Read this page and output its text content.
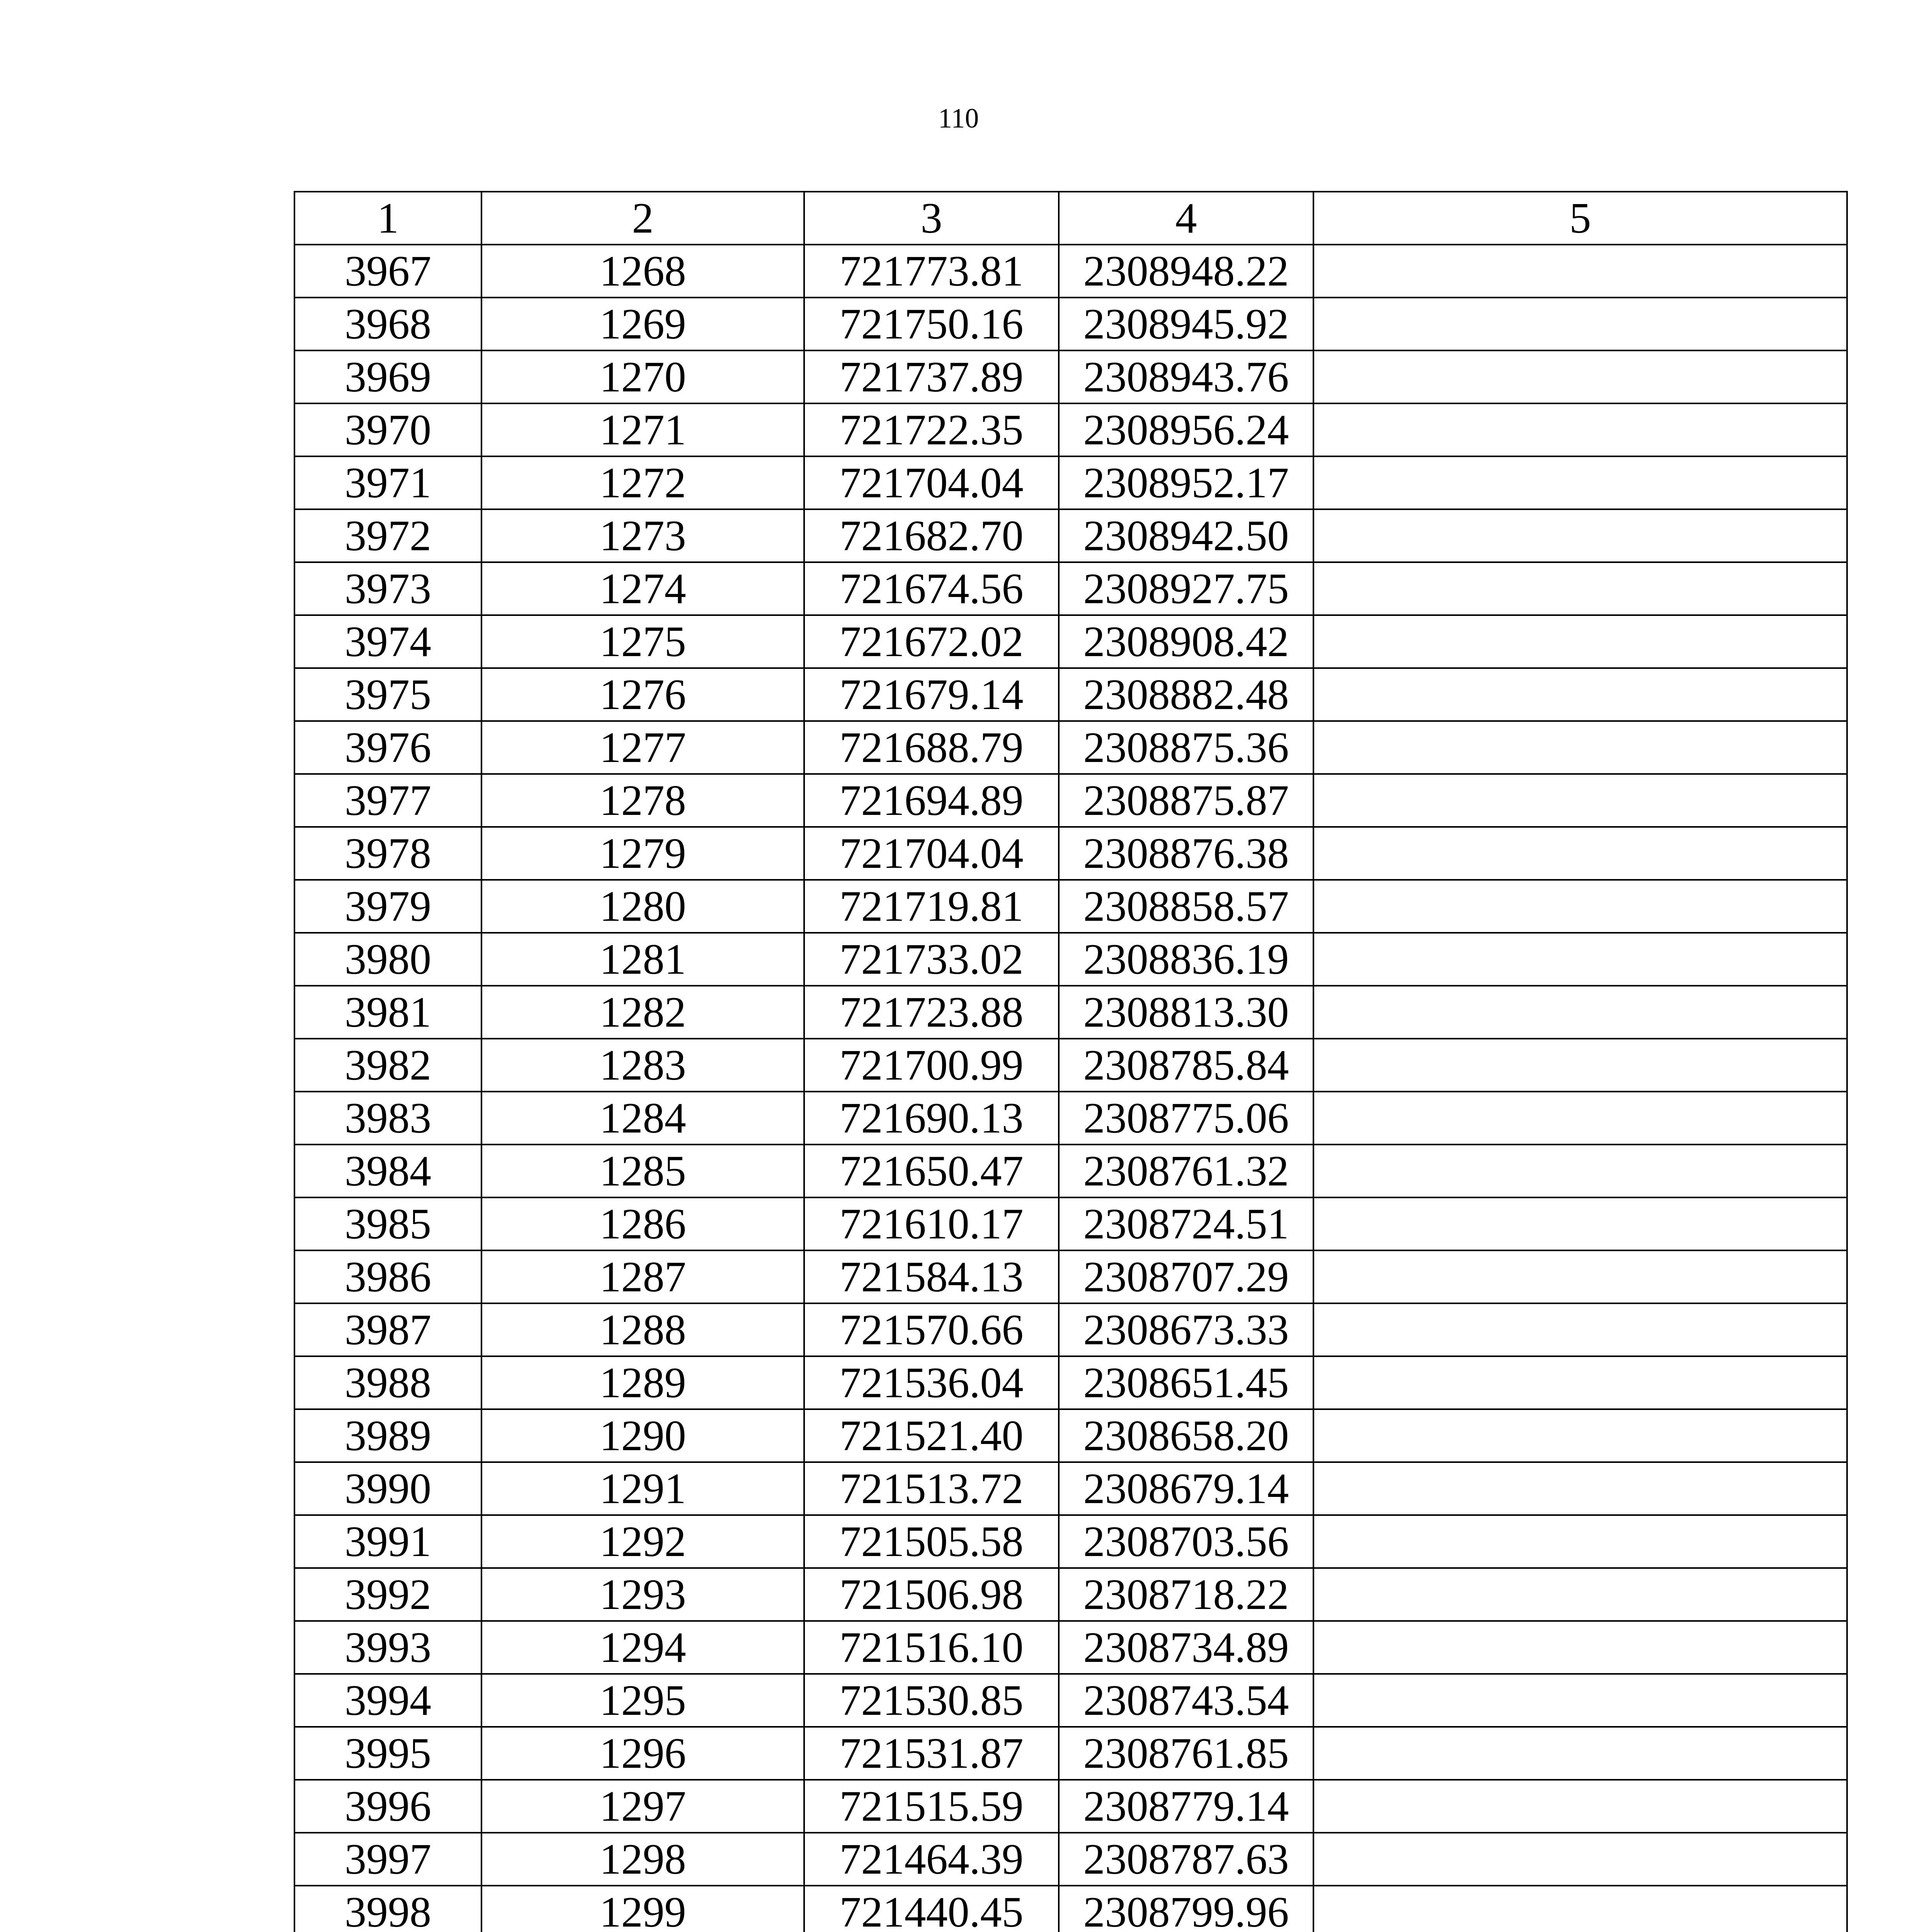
110
1	2	3	4	5
3967	1268	721773.81	2308948.22	
3968	1269	721750.16	2308945.92	
3969	1270	721737.89	2308943.76	
3970	1271	721722.35	2308956.24	
3971	1272	721704.04	2308952.17	
3972	1273	721682.70	2308942.50	
3973	1274	721674.56	2308927.75	
3974	1275	721672.02	2308908.42	
3975	1276	721679.14	2308882.48	
3976	1277	721688.79	2308875.36	
3977	1278	721694.89	2308875.87	
3978	1279	721704.04	2308876.38	
3979	1280	721719.81	2308858.57	
3980	1281	721733.02	2308836.19	
3981	1282	721723.88	2308813.30	
3982	1283	721700.99	2308785.84	
3983	1284	721690.13	2308775.06	
3984	1285	721650.47	2308761.32	
3985	1286	721610.17	2308724.51	
3986	1287	721584.13	2308707.29	
3987	1288	721570.66	2308673.33	
3988	1289	721536.04	2308651.45	
3989	1290	721521.40	2308658.20	
3990	1291	721513.72	2308679.14	
3991	1292	721505.58	2308703.56	
3992	1293	721506.98	2308718.22	
3993	1294	721516.10	2308734.89	
3994	1295	721530.85	2308743.54	
3995	1296	721531.87	2308761.85	
3996	1297	721515.59	2308779.14	
3997	1298	721464.39	2308787.63	
3998	1299	721440.45	2308799.96	
